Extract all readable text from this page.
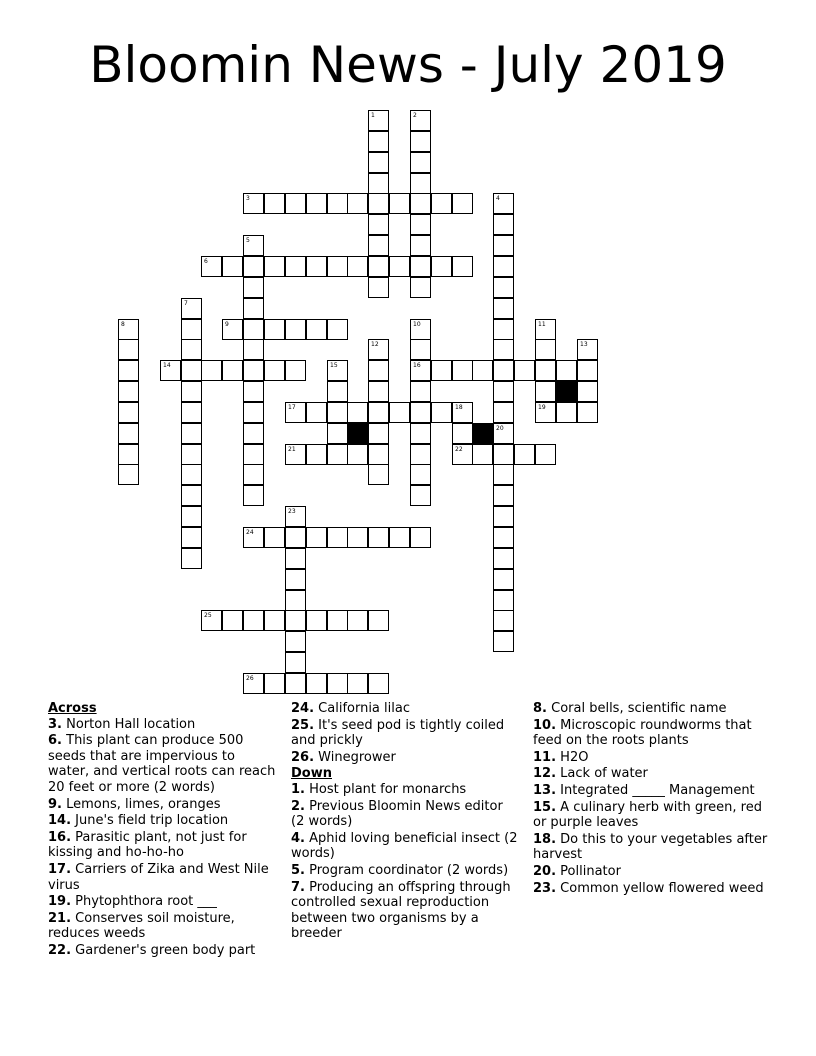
Bloomin News - July 2019
1	2
3	4
20
5
6
7
8	9	10
16
11
19
12	13
14	15
17	18
22
21
23
24
25
26
Across
3. Norton Hall location
6. This plant can produce 500 seeds that are impervious to water, and vertical roots can reach 20 feet or more (2 words)
9. Lemons, limes, oranges
14. June's field trip location
16. Parasitic plant, not just for kissing and ho-ho-ho
17. Carriers of Zika and West Nile virus
19. Phytophthora root ___
21. Conserves soil moisture, reduces weeds
22. Gardener's green body part
24. California lilac
25. It's seed pod is tightly coiled and prickly
26. Winegrower
Down
1. Host plant for monarchs
2. Previous Bloomin News editor (2 words)
4. Aphid loving beneficial insect (2 words)
5. Program coordinator (2 words)
7. Producing an offspring through controlled sexual reproduction between two organisms by a breeder
8. Coral bells, scientific name
10. Microscopic roundworms that feed on the roots plants
11. H2O
12. Lack of water
13. Integrated _____ Management
15. A culinary herb with green, red or purple leaves
18. Do this to your vegetables after harvest
20. Pollinator
23. Common yellow flowered weed
